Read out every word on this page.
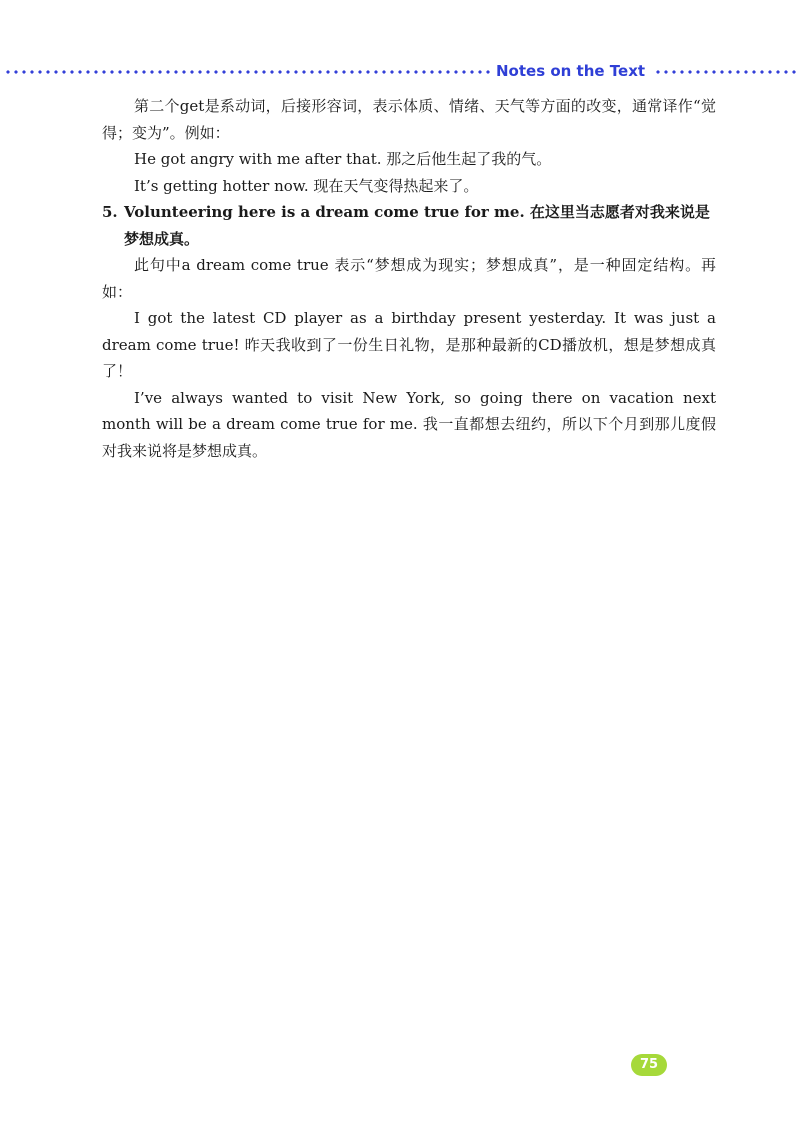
Notes on the Text

第二个get是系动词，后接形容词，表示体质、情绪、天气等方面的改变，通常译作“觉得；变为”。例如：

He got angry with me after that. 那之后他生起了我的气。

It’s getting hotter now. 现在天气变得热起来了。

5. Volunteering here is a dream come true for me. 在这里当志愿者对我来说是梦想成真。

此句中a dream come true 表示“梦想成为现实；梦想成真”，是一种固定结构。再如：

I got the latest CD player as a birthday present yesterday. It was just a dream come true! 昨天我收到了一份生日礼物，是那种最新的CD播放机，想是梦想成真了！

I’ve always wanted to visit New York, so going there on vacation next month will be a dream come true for me. 我一直都想去纽约，所以下个月到那儿度假对我来说将是梦想成真。

75
